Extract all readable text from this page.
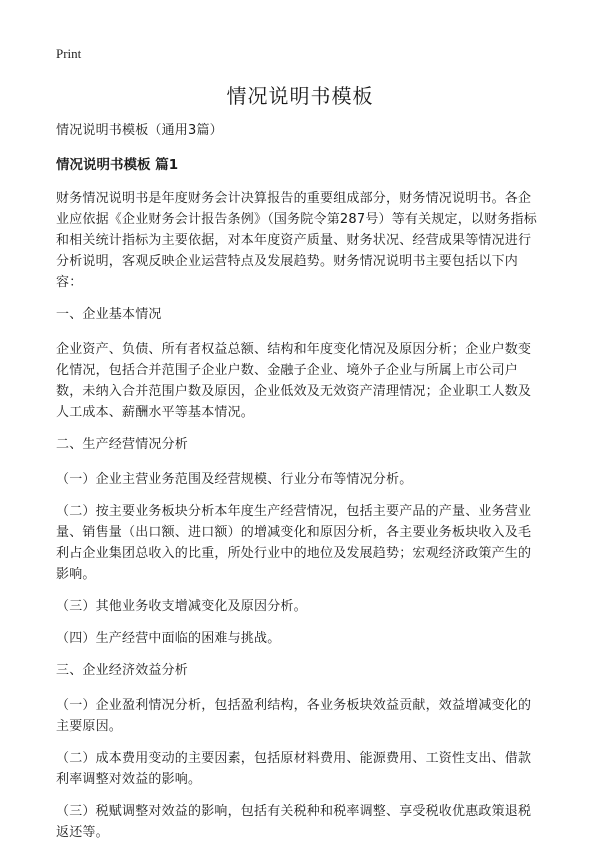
Print
情况说明书模板

情况说明书模板（通用3篇）

情况说明书模板 篇1

财务情况说明书是年度财务会计决算报告的重要组成部分，财务情况说明书。各企业应依据《企业财务会计报告条例》（国务院令第287号）等有关规定，以财务指标和相关统计指标为主要依据，对本年度资产质量、财务状况、经营成果等情况进行分析说明，客观反映企业运营特点及发展趋势。财务情况说明书主要包括以下内容：

一、企业基本情况

企业资产、负债、所有者权益总额、结构和年度变化情况及原因分析；企业户数变化情况，包括合并范围子企业户数、金融子企业、境外子企业与所属上市公司户数，未纳入合并范围户数及原因，企业低效及无效资产清理情况；企业职工人数及人工成本、薪酬水平等基本情况。

二、生产经营情况分析

（一）企业主营业务范围及经营规模、行业分布等情况分析。

（二）按主要业务板块分析本年度生产经营情况，包括主要产品的产量、业务营业量、销售量（出口额、进口额）的增减变化和原因分析，各主要业务板块收入及毛利占企业集团总收入的比重，所处行业中的地位及发展趋势；宏观经济政策产生的影响。

（三）其他业务收支增减变化及原因分析。

（四）生产经营中面临的困难与挑战。

三、企业经济效益分析

（一）企业盈利情况分析，包括盈利结构，各业务板块效益贡献，效益增减变化的主要原因。

（二）成本费用变动的主要因素，包括原材料费用、能源费用、工资性支出、借款利率调整对效益的影响。

（三）税赋调整对效益的影响，包括有关税种和税率调整、享受税收优惠政策退税返还等。
